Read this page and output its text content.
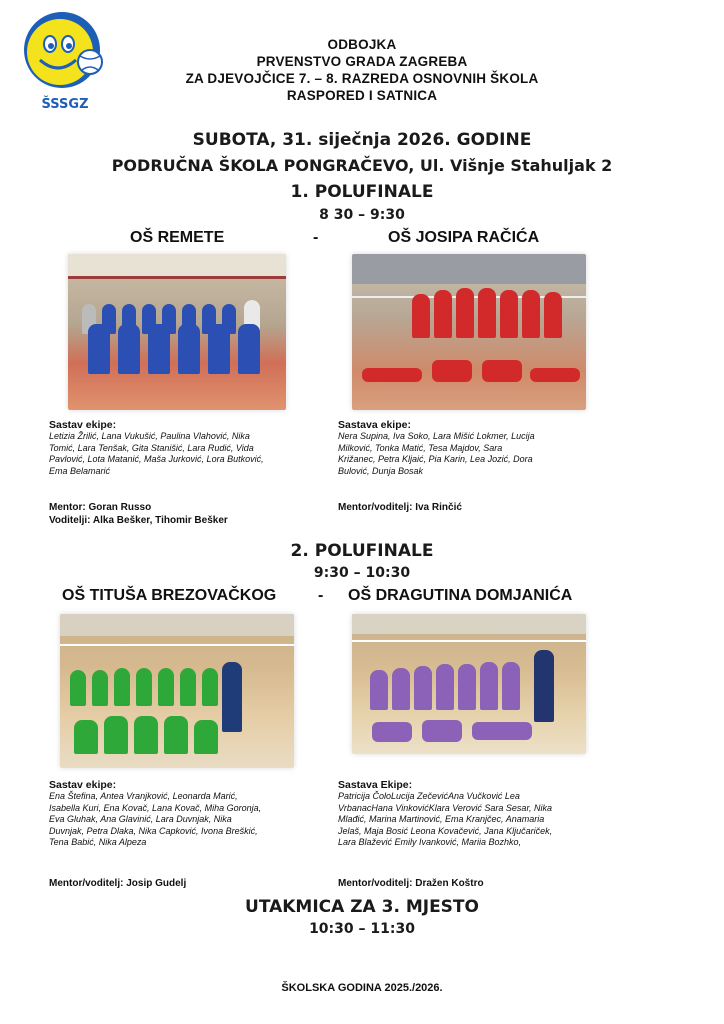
ŠSSGZ
ODBOJKA
PRVENSTVO GRADA ZAGREBA
ZA DJEVOJČICE 7. – 8. RAZREDA OSNOVNIH ŠKOLA
RASPORED I SATNICA
SUBOTA, 31. siječnja 2026. GODINE
PODRUČNA ŠKOLA PONGRAČEVO, Ul. Višnje Stahuljak 2
1. POLUFINALE
8 30 – 9:30
OŠ REMETE	-	OŠ JOSIPA RAČIĆA
Sastav ekipe:
Letizia Žrilić, Lana Vukušić, Paulina Vlahović, Nika Tomić, Lara Tenšak, Gita Stanišić, Lara Rudić, Vida Pavlović, Lota Matanić, Maša Jurković, Lora Butković, Ema Belamarić
Mentor: Goran Russo
Voditelji: Alka Bešker, Tihomir Bešker
Sastava ekipe:
Nera Supina, Iva Soko, Lara Mišić Lokmer, Lucija Milković, Tonka Matić, Tesa Majdov, Sara Križanec, Petra Kljaić, Pia Karin, Lea Jozić, Dora Bulović, Dunja Bosak
Mentor/voditelj: Iva Rinčić
2. POLUFINALE
9:30 – 10:30
OŠ TITUŠA BREZOVAČKOG	- OŠ DRAGUTINA DOMJANIĆA
Sastav ekipe:
Ena Štefina, Antea Vranjković, Leonarda Marić, Isabella Kuri, Ena Kovač, Lana Kovač, Miha Goronja, Eva Gluhak, Ana Glavinić, Lara Duvnjak, Nika Duvnjak, Petra Dlaka, Nika Capković, Ivona Breškić, Tena Babić, Nika Alpeza
Mentor/voditelj: Josip Gudelj
Sastava Ekipe:
Patricija ČoloLucija ZečevićAna Vučković Lea VrbanacHana VinkovićKlara Verović Sara Sesar, Nika Mlađić, Marina Martinović, Ema Kranjčec, Anamaria Jelaš, Maja Bosić Leona Kovačević, Jana Ključariček, Lara Blažević Emily Ivanković, Mariia Bozhko,
Mentor/voditelj: Dražen Koštro
UTAKMICA ZA 3. MJESTO
10:30 – 11:30
ŠKOLSKA GODINA 2025./2026.
